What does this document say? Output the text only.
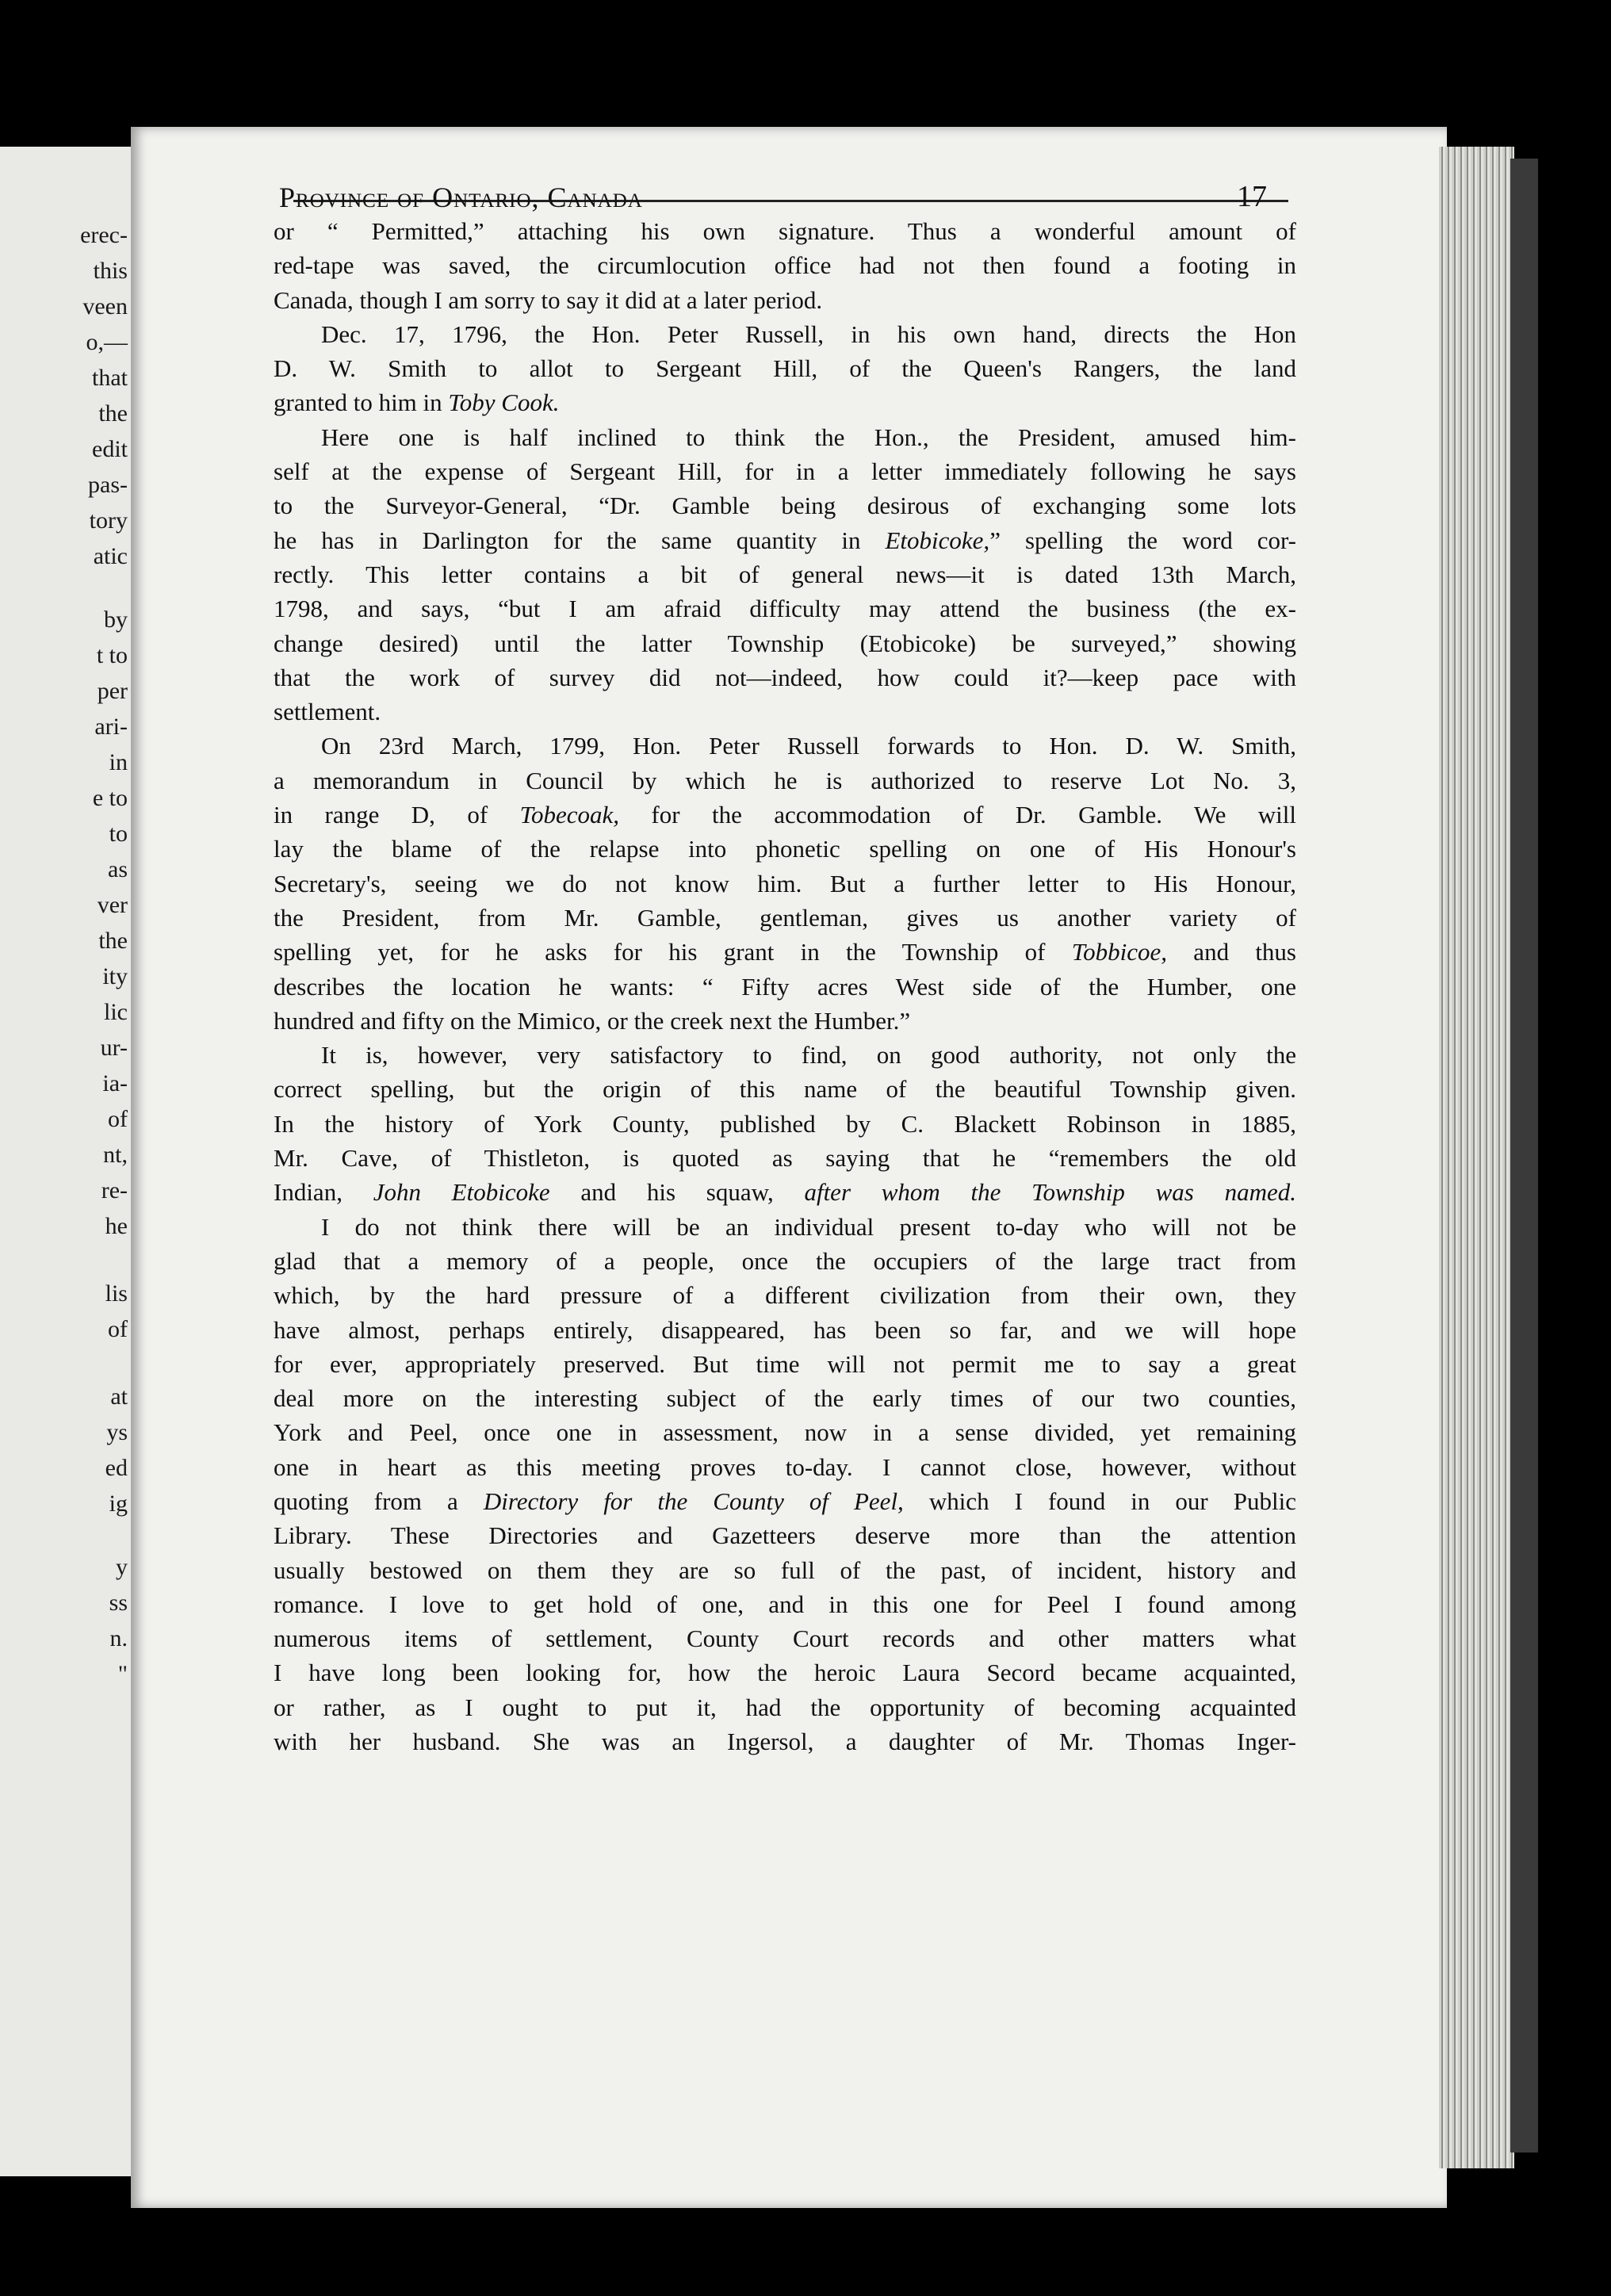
erec-
this
veen
o,—
that
the
edit
pas-
tory
atic
by
t to
per
ari-
in
e to
to
as
ver
the
ity
lic
ur-
ia-
of
nt,
re-
he
lis
of
at
ys
ed
ig
y
ss
n.
"
Province of Ontario, Canada	17
or “ Permitted,” attaching his own signature. Thus a wonderful amount of
red-tape was saved, the circumlocution office had not then found a footing in
Canada, though I am sorry to say it did at a later period.
Dec. 17, 1796, the Hon. Peter Russell, in his own hand, directs the Hon
D. W. Smith to allot to Sergeant Hill, of the Queen's Rangers, the land
granted to him in Toby Cook.
Here one is half inclined to think the Hon., the President, amused him-
self at the expense of Sergeant Hill, for in a letter immediately following he says
to the Surveyor-General, “Dr. Gamble being desirous of exchanging some lots
he has in Darlington for the same quantity in Etobicoke,” spelling the word cor-
rectly. This letter contains a bit of general news—it is dated 13th March,
1798, and says, “but I am afraid difficulty may attend the business (the ex-
change desired) until the latter Township (Etobicoke) be surveyed,” showing
that the work of survey did not—indeed, how could it?—keep pace with
settlement.
On 23rd March, 1799, Hon. Peter Russell forwards to Hon. D. W. Smith,
a memorandum in Council by which he is authorized to reserve Lot No. 3,
in range D, of Tobecoak, for the accommodation of Dr. Gamble. We will
lay the blame of the relapse into phonetic spelling on one of His Honour's
Secretary's, seeing we do not know him. But a further letter to His Honour,
the President, from Mr. Gamble, gentleman, gives us another variety of
spelling yet, for he asks for his grant in the Township of Tobbicoe, and thus
describes the location he wants: “ Fifty acres West side of the Humber, one
hundred and fifty on the Mimico, or the creek next the Humber.”
It is, however, very satisfactory to find, on good authority, not only the
correct spelling, but the origin of this name of the beautiful Township given.
In the history of York County, published by C. Blackett Robinson in 1885,
Mr. Cave, of Thistleton, is quoted as saying that he “remembers the old
Indian, John Etobicoke and his squaw, after whom the Township was named.
I do not think there will be an individual present to-day who will not be
glad that a memory of a people, once the occupiers of the large tract from
which, by the hard pressure of a different civilization from their own, they
have almost, perhaps entirely, disappeared, has been so far, and we will hope
for ever, appropriately preserved. But time will not permit me to say a great
deal more on the interesting subject of the early times of our two counties,
York and Peel, once one in assessment, now in a sense divided, yet remaining
one in heart as this meeting proves to-day. I cannot close, however, without
quoting from a Directory for the County of Peel, which I found in our Public
Library. These Directories and Gazetteers deserve more than the attention
usually bestowed on them they are so full of the past, of incident, history and
romance. I love to get hold of one, and in this one for Peel I found among
numerous items of settlement, County Court records and other matters what
I have long been looking for, how the heroic Laura Secord became acquainted,
or rather, as I ought to put it, had the opportunity of becoming acquainted
with her husband. She was an Ingersol, a daughter of Mr. Thomas Inger-
